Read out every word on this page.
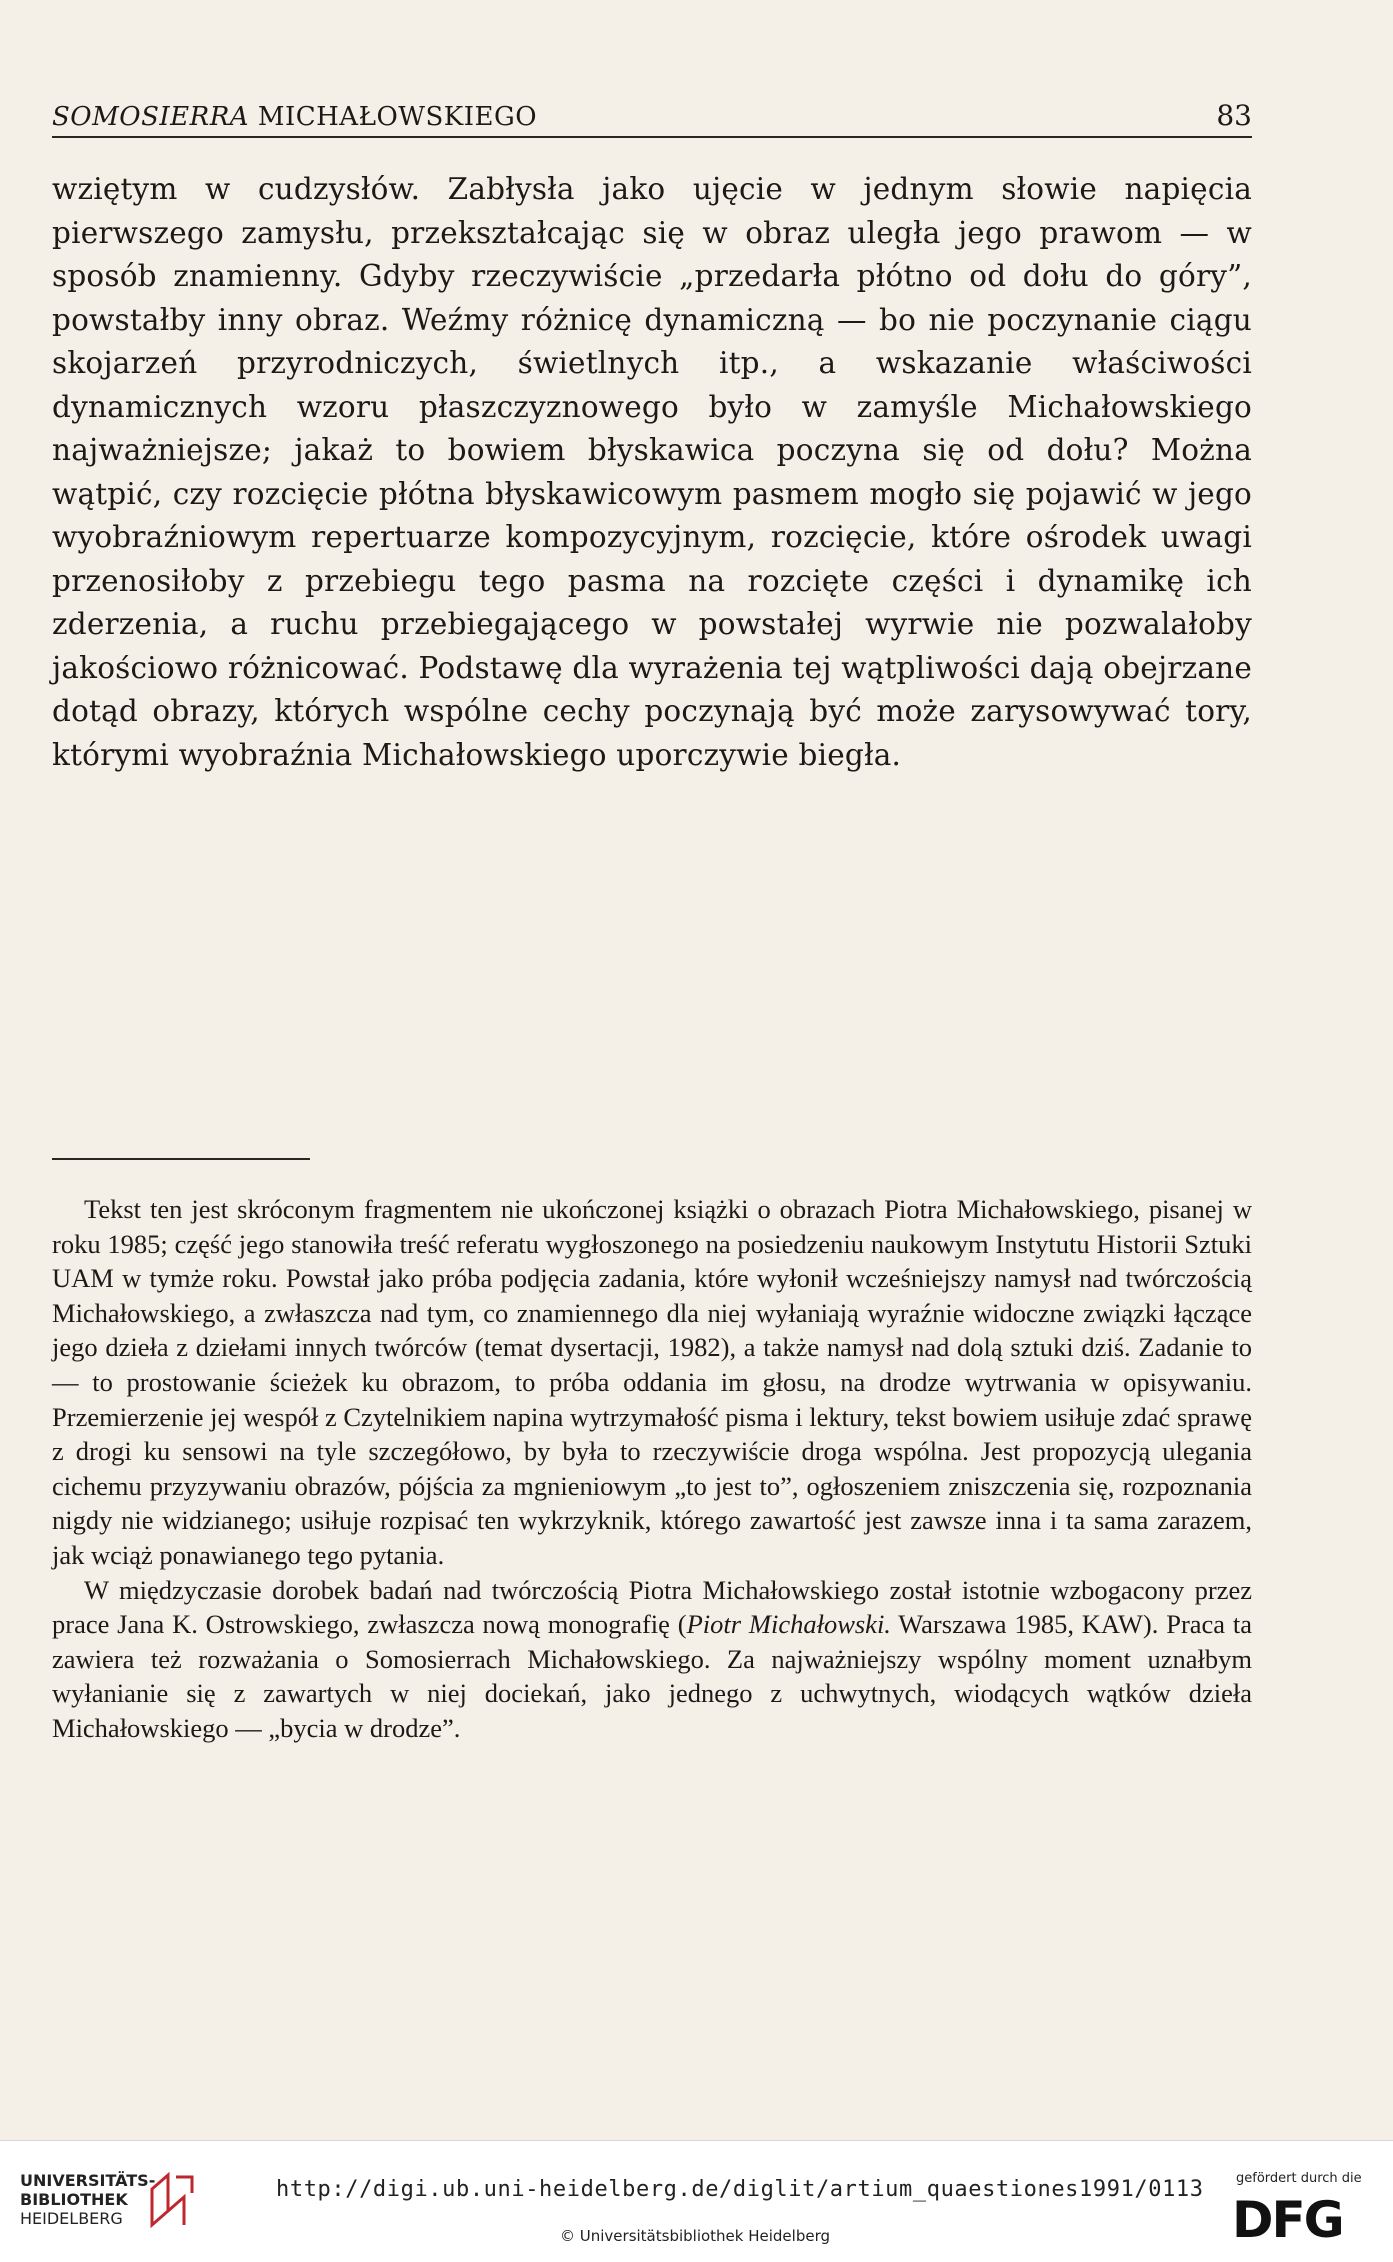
SOMOSIERRA MICHAŁOWSKIEGO	83

wziętym w cudzysłów. Zabłysła jako ujęcie w jednym słowie napięcia pierwszego zamysłu, przekształcając się w obraz uległa jego prawom — w sposób znamienny. Gdyby rzeczywiście „przedarła płótno od dołu do góry”, powstałby inny obraz. Weźmy różnicę dynamiczną — bo nie poczynanie ciągu skojarzeń przyrodniczych, świetlnych itp., a wskazanie właściwości dynamicznych wzoru płaszczyznowego było w zamyśle Michałowskiego najważniejsze; jakaż to bowiem błyskawica poczyna się od dołu? Można wątpić, czy rozcięcie płótna błyskawicowym pasmem mogło się pojawić w jego wyobraźniowym repertuarze kompozycyjnym, rozcięcie, które ośrodek uwagi przenosiłoby z przebiegu tego pasma na rozcięte części i dynamikę ich zderzenia, a ruchu przebiegającego w powstałej wyrwie nie pozwalałoby jakościowo różnicować. Podstawę dla wyrażenia tej wątpliwości dają obejrzane dotąd obrazy, których wspólne cechy poczynają być może zarysowywać tory, którymi wyobraźnia Michałowskiego uporczywie biegła.

Tekst ten jest skróconym fragmentem nie ukończonej książki o obrazach Piotra Michałowskiego, pisanej w roku 1985; część jego stanowiła treść referatu wygłoszonego na posiedzeniu naukowym Instytutu Historii Sztuki UAM w tymże roku. Powstał jako próba podjęcia zadania, które wyłonił wcześniejszy namysł nad twórczością Michałowskiego, a zwłaszcza nad tym, co znamiennego dla niej wyłaniają wyraźnie widoczne związki łączące jego dzieła z dziełami innych twórców (temat dysertacji, 1982), a także namysł nad dolą sztuki dziś. Zadanie to — to prostowanie ścieżek ku obrazom, to próba oddania im głosu, na drodze wytrwania w opisywaniu. Przemierzenie jej wespół z Czytelnikiem napina wytrzymałość pisma i lektury, tekst bowiem usiłuje zdać sprawę z drogi ku sensowi na tyle szczegółowo, by była to rzeczywiście droga wspólna. Jest propozycją ulegania cichemu przyzywaniu obrazów, pójścia za mgnieniowym „to jest to”, ogłoszeniem zniszczenia się, rozpoznania nigdy nie widzianego; usiłuje rozpisać ten wykrzyknik, którego zawartość jest zawsze inna i ta sama zarazem, jak wciąż ponawianego tego pytania.

W międzyczasie dorobek badań nad twórczością Piotra Michałowskiego został istotnie wzbogacony przez prace Jana K. Ostrowskiego, zwłaszcza nową monografię (Piotr Michałowski. Warszawa 1985, KAW). Praca ta zawiera też rozważania o Somosierrach Michałowskiego. Za najważniejszy wspólny moment uznałbym wyłanianie się z zawartych w niej dociekań, jako jednego z uchwytnych, wiodących wątków dzieła Michałowskiego — „bycia w drodze”.

UNIVERSITÄTS-
BIBLIOTHEK
HEIDELBERG
http://digi.ub.uni-heidelberg.de/diglit/artium_quaestiones1991/0113
© Universitätsbibliothek Heidelberg
gefördert durch die
DFG
